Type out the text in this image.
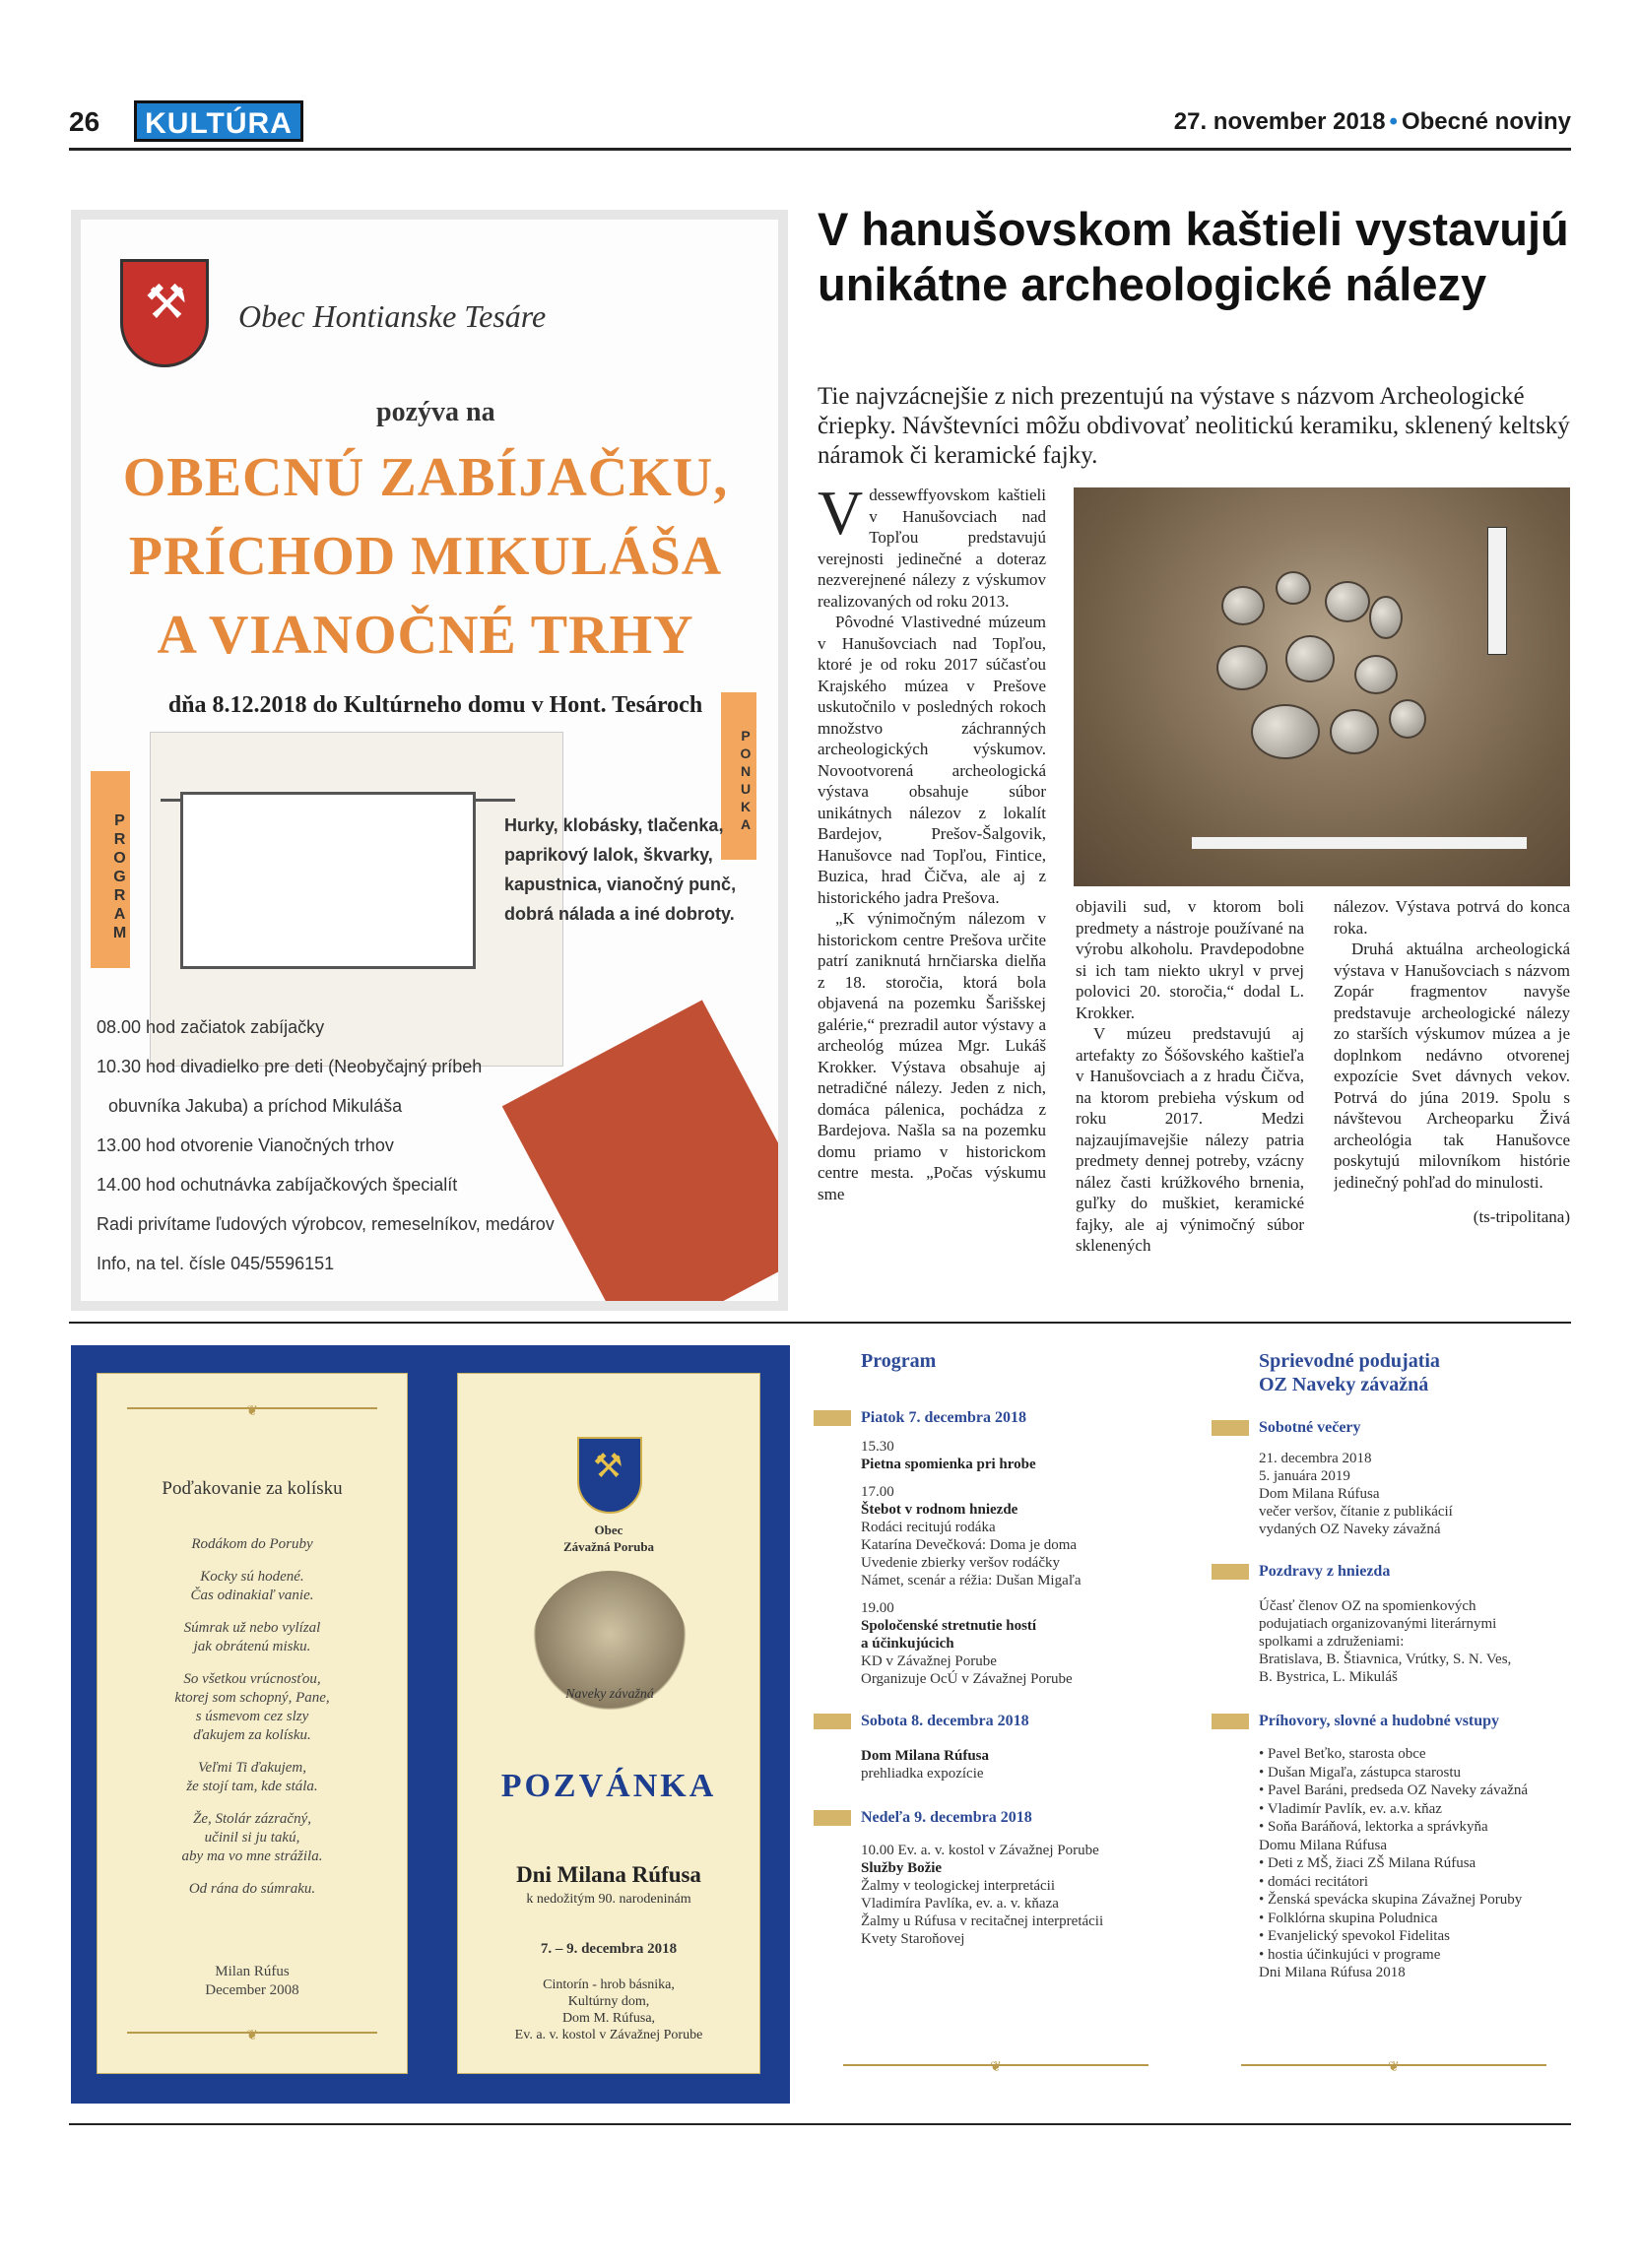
26	KULTÚRA	27. november 2018 • Obecné noviny
⚒ Obec Hontianske Tesáre
pozýva na
OBECNÚ ZABÍJAČKU,
PRÍCHOD MIKULÁŠA
A VIANOČNÉ TRHY
dňa 8.12.2018 do Kultúrneho domu v Hont. Tesároch
PROGRAM
PONUKA
Hurky, klobásky, tlačenka,
paprikový lalok, škvarky,
kapustnica, vianočný punč,
dobrá nálada a iné dobroty.
08.00 hod začiatok zabíjačky
10.30 hod divadielko pre deti (Neobyčajný príbeh
obuvníka Jakuba) a príchod Mikuláša
13.00 hod otvorenie Vianočných trhov
14.00 hod ochutnávka zabíjačkových špecialít
Radi privítame ľudových výrobcov, remeselníkov, medárov
Info, na tel. čísle 045/5596151
V hanušovskom kaštieli vystavujú unikátne archeologické nálezy
Tie najvzácnejšie z nich prezentujú na výstave s názvom Archeologické čriepky. Návštevníci môžu obdivovať neolitickú keramiku, sklenený keltský náramok či keramické fajky.

Vdessewffyovskom kaštieli v Hanušovciach nad Topľou predstavujú verejnosti jedinečné a doteraz nezverejnené nálezy z výskumov realizovaných od roku 2013.

Pôvodné Vlastivedné múzeum v Hanušovciach nad Topľou, ktoré je od roku 2017 súčasťou Krajského múzea v Prešove uskutočnilo v posledných rokoch množstvo záchranných archeologických výskumov. Novootvorená archeologická výstava obsahuje súbor unikátnych nálezov z lokalít Bardejov, Prešov-Šalgovik, Hanušovce nad Topľou, Fintice, Buzica, hrad Čičva, ale aj z historického jadra Prešova.

„K výnimočným nálezom v historickom centre Prešova určite patrí zaniknutá hrnčiarska dielňa z 18. storočia, ktorá bola objavená na pozemku Šarišskej galérie,“ prezradil autor výstavy a archeológ múzea Mgr. Lukáš Krokker. Výstava obsahuje aj netradičné nálezy. Jeden z nich, domáca pálenica, pochádza z Bardejova. Našla sa na pozemku domu priamo v historickom centre mesta. „Počas výskumu sme

objavili sud, v ktorom boli predmety a nástroje používané na výrobu alkoholu. Pravdepodobne si ich tam niekto ukryl v prvej polovici 20. storočia,“ dodal L. Krokker.

V múzeu predstavujú aj artefakty zo Šóšovského kaštieľa v Hanušovciach a z hradu Čičva, na ktorom prebieha výskum od roku 2017. Medzi najzaujímavejšie nálezy patria predmety dennej potreby, vzácny nález časti krúžkového brnenia, guľky do muškiet, keramické fajky, ale aj výnimočný súbor sklenených

nálezov. Výstava potrvá do konca roka.

Druhá aktuálna archeologická výstava v Hanušovciach s názvom Zopár fragmentov navyše predstavuje archeologické nálezy zo starších výskumov múzea a je doplnkom nedávno otvorenej expozície Svet dávnych vekov. Potrvá do júna 2019. Spolu s návštevou Archeoparku Živá archeológia tak Hanušovce poskytujú milovníkom histórie jedinečný pohľad do minulosti.

(ts-tripolitana)
❦
Poďakovanie za kolísku
Rodákom do Poruby
Kocky sú hodené.
Čas odinakiaľ vanie.
Súmrak už nebo vylízal
jak obrátenú misku.
So všetkou vrúcnosťou,
ktorej som schopný, Pane,
s úsmevom cez slzy
ďakujem za kolísku.
Veľmi Ti ďakujem,
že stojí tam, kde stála.
Že, Stolár zázračný,
učinil si ju takú,
aby ma vo mne strážila.
Od rána do súmraku.
Milan Rúfus
December 2008
❦
⚒
Obec
Závažná Poruba
Naveky závažná
POZVÁNKA
Dni Milana Rúfusa
k nedožitým 90. narodeninám
7. – 9. decembra 2018
Cintorín - hrob básnika,
Kultúrny dom,
Dom M. Rúfusa,
Ev. a. v. kostol v Závažnej Porube
Program
Piatok 7. decembra 2018
15.30
Pietna spomienka pri hrobe
17.00
Štebot v rodnom hniezde
Rodáci recitujú rodáka
Katarína Devečková: Doma je doma
Uvedenie zbierky veršov rodáčky
Námet, scenár a réžia: Dušan Migaľa
19.00
Spoločenské stretnutie hostí
a účinkujúcich
KD v Závažnej Porube
Organizuje OcÚ v Závažnej Porube
Sobota 8. decembra 2018
Dom Milana Rúfusa
prehliadka expozície
Nedeľa 9. decembra 2018
10.00 Ev. a. v. kostol v Závažnej Porube
Služby Božie
Žalmy v teologickej interpretácii
Vladimíra Pavlíka, ev. a. v. kňaza
Žalmy u Rúfusa v recitačnej interpretácii
Kvety Staroňovej
❦
Sprievodné podujatia
OZ Naveky závažná
Sobotné večery
21. decembra 2018
5. januára 2019
Dom Milana Rúfusa
večer veršov, čítanie z publikácií
vydaných OZ Naveky závažná
Pozdravy z hniezda
Účasť členov OZ na spomienkových
podujatiach organizovanými literárnymi
spolkami a združeniami:
Bratislava, B. Štiavnica, Vrútky, S. N. Ves,
B. Bystrica, L. Mikuláš
Príhovory, slovné a hudobné vstupy
• Pavel Beťko, starosta obce
• Dušan Migaľa, zástupca starostu
• Pavel Baráni, predseda OZ Naveky závažná
• Vladimír Pavlík, ev. a.v. kňaz
• Soňa Baráňová, lektorka a správkyňa
Domu Milana Rúfusa
• Deti z MŠ, žiaci ZŠ Milana Rúfusa
• domáci recitátori
• Ženská spevácka skupina Závažnej Poruby
• Folklórna skupina Poludnica
• Evanjelický spevokol Fidelitas
• hostia účinkujúci v programe
Dni Milana Rúfusa 2018
❦
